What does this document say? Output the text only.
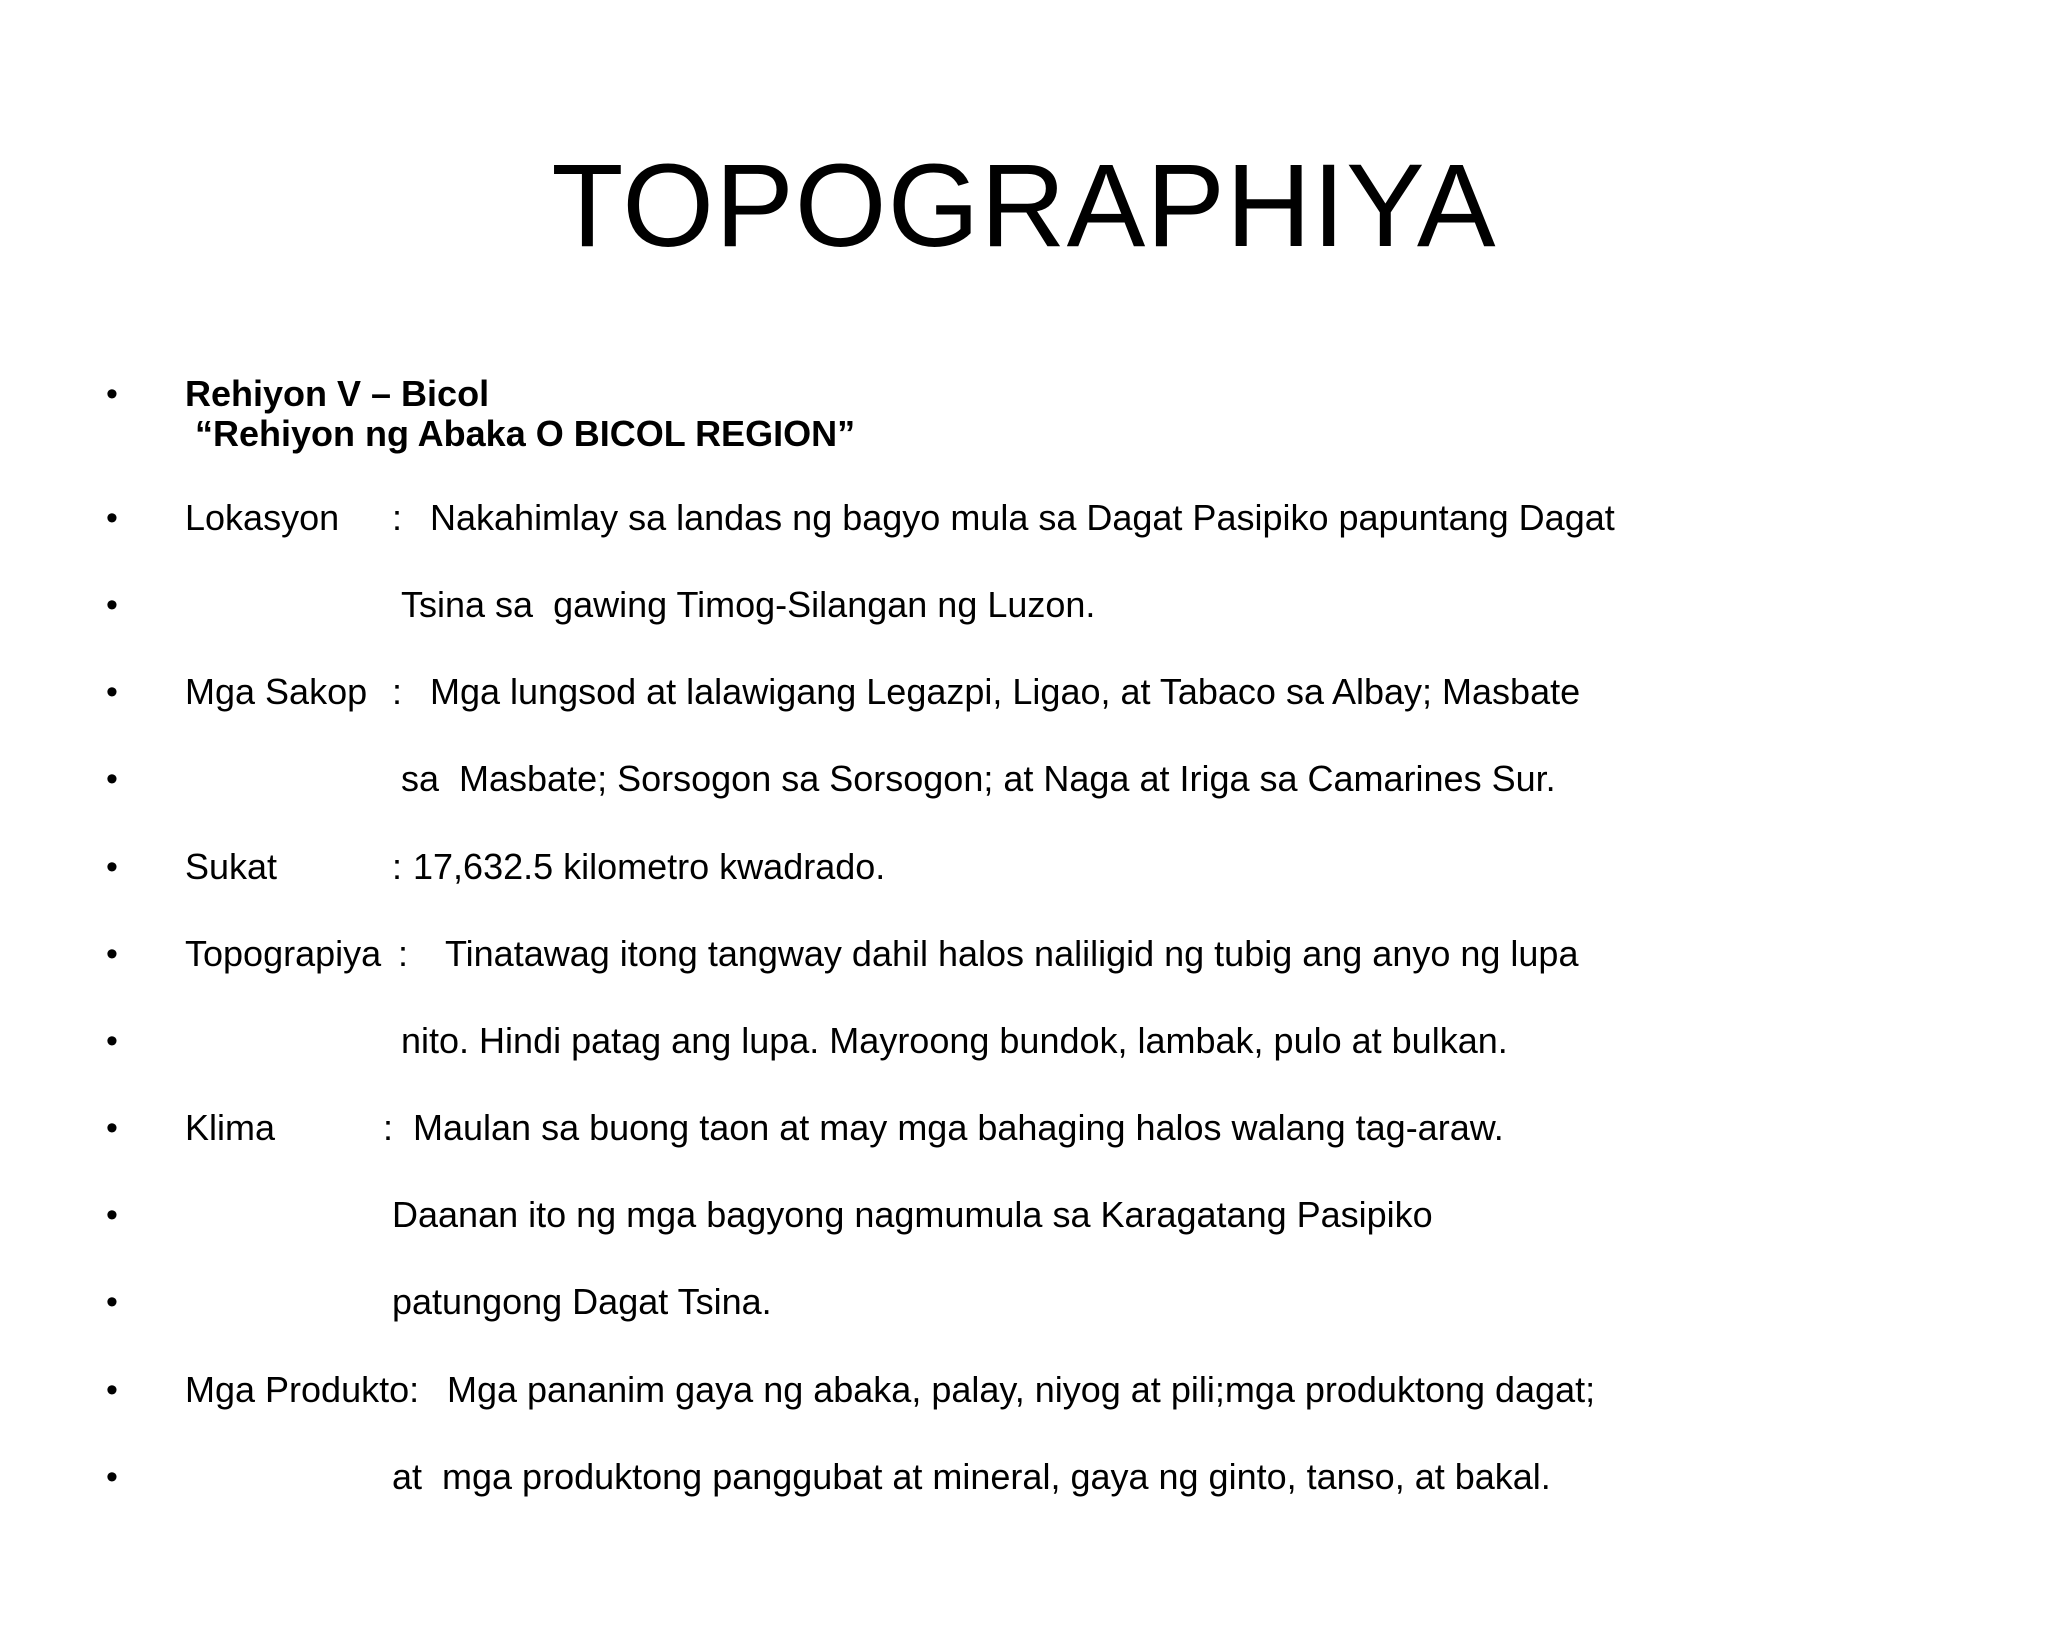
TOPOGRAPHIYA

•

Rehiyon V – Bicol

“Rehiyon ng Abaka O BICOL REGION”

•

Lokasyon

:

Nakahimlay sa landas ng bagyo mula sa Dagat Pasipiko papuntang Dagat

•

	Tsina sa  gawing Timog-Silangan ng Luzon.

•

Mga Sakop

:

Mga lungsod at lalawigang Legazpi, Ligao, at Tabaco sa Albay; Masbate

•

	sa  Masbate; Sorsogon sa Sorsogon; at Naga at Iriga sa Camarines Sur.

•

Sukat

	:

17,632.5 kilometro kwadrado.

•

Topograpiya

:

Tinatawag itong tangway dahil halos naliligid ng tubig ang anyo ng lupa

•

	nito. Hindi patag ang lupa. Mayroong bundok, lambak, pulo at bulkan.

•

Klima

	:

Maulan sa buong taon at may mga bahaging halos walang tag-araw.

•

	Daanan ito ng mga bagyong nagmumula sa Karagatang Pasipiko

•

	patungong Dagat Tsina.

•

Mga Produkto:

Mga pananim gaya ng abaka, palay, niyog at pili;mga produktong dagat;

•

	at  mga produktong panggubat at mineral, gaya ng ginto, tanso, at bakal.
